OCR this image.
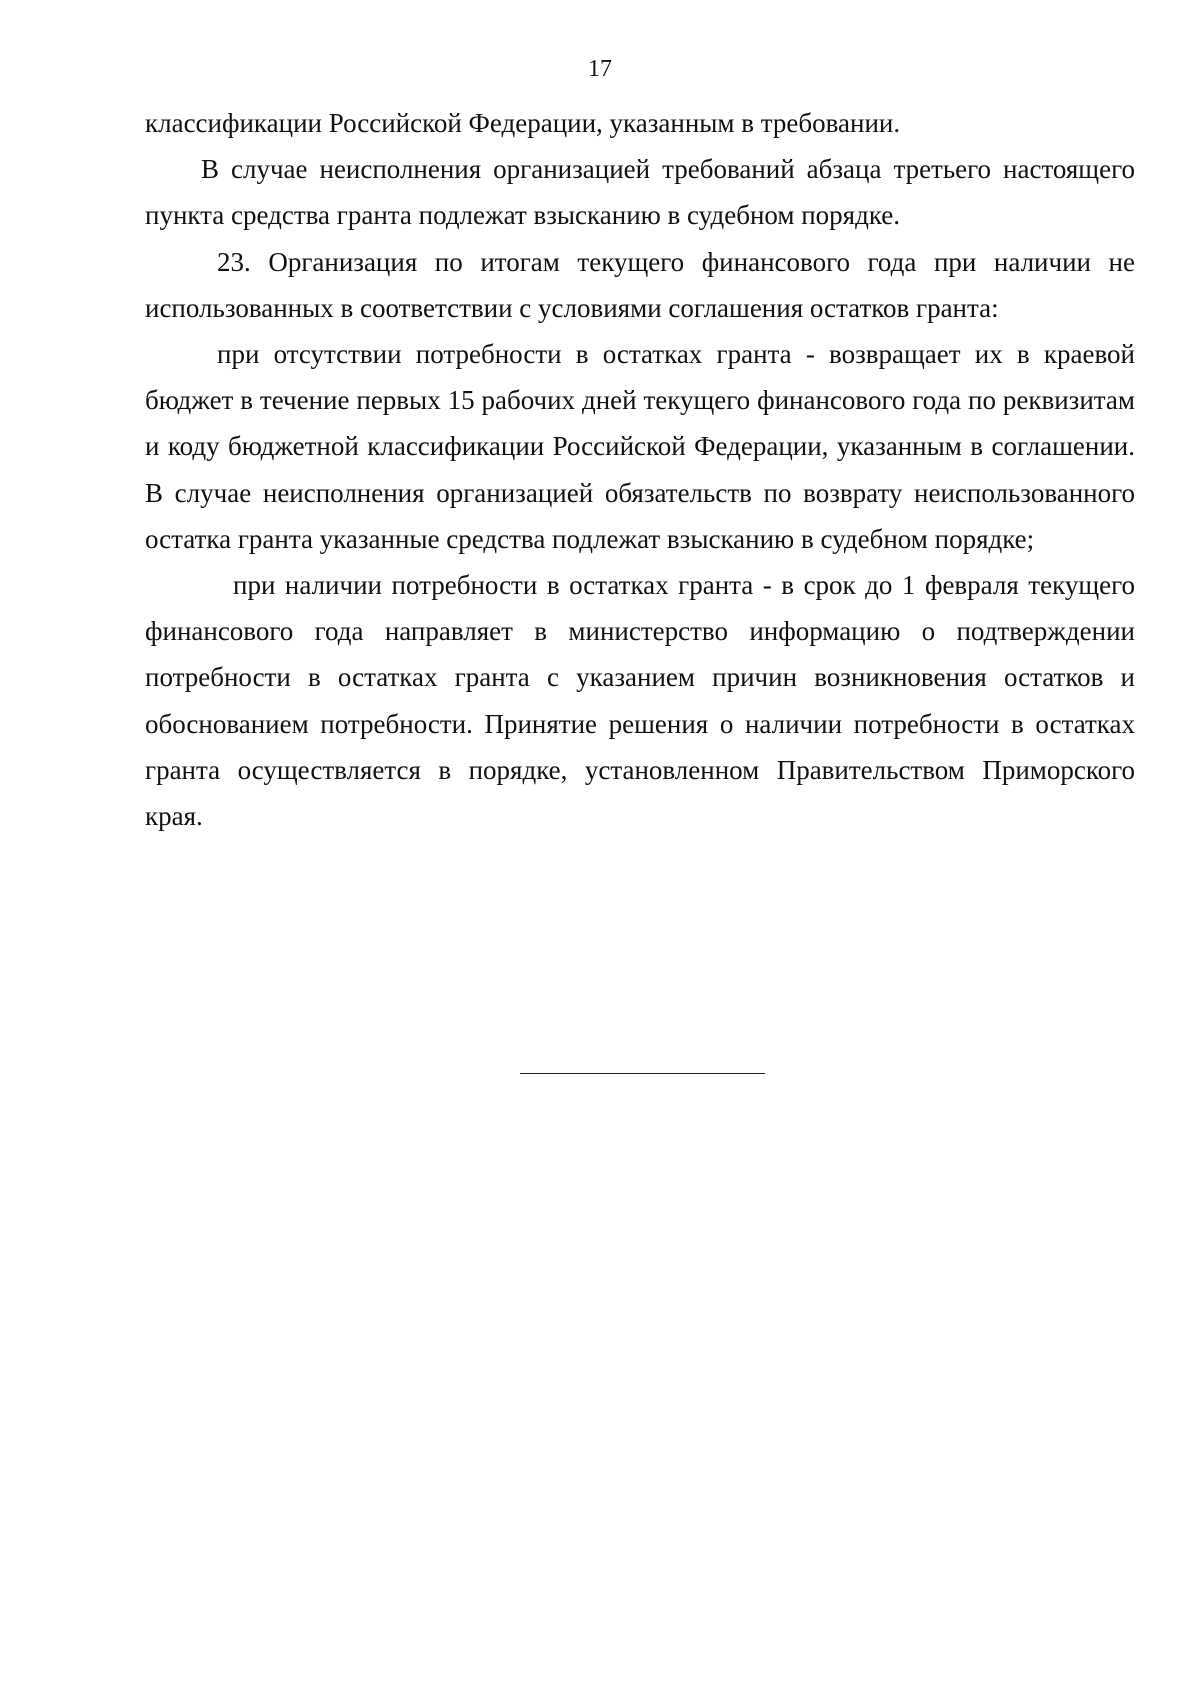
17

классификации Российской Федерации, указанным в требовании.

В случае неисполнения организацией требований абзаца третьего настоящего пункта средства гранта подлежат взысканию в судебном порядке.

23. Организация по итогам текущего финансового года при наличии не использованных в соответствии с условиями соглашения остатков гранта:

при отсутствии потребности в остатках гранта - возвращает их в краевой бюджет в течение первых 15 рабочих дней текущего финансового года по реквизитам и коду бюджетной классификации Российской Федерации, указанным в соглашении. В случае неисполнения организацией обязательств по возврату неиспользованного остатка гранта указанные средства подлежат взысканию в судебном порядке;

при наличии потребности в остатках гранта - в срок до 1 февраля текущего финансового года направляет в министерство информацию о подтверждении потребности в остатках гранта с указанием причин возникновения остатков и обоснованием потребности. Принятие решения о наличии потребности в остатках гранта осуществляется в порядке, установленном Правительством Приморского края.
